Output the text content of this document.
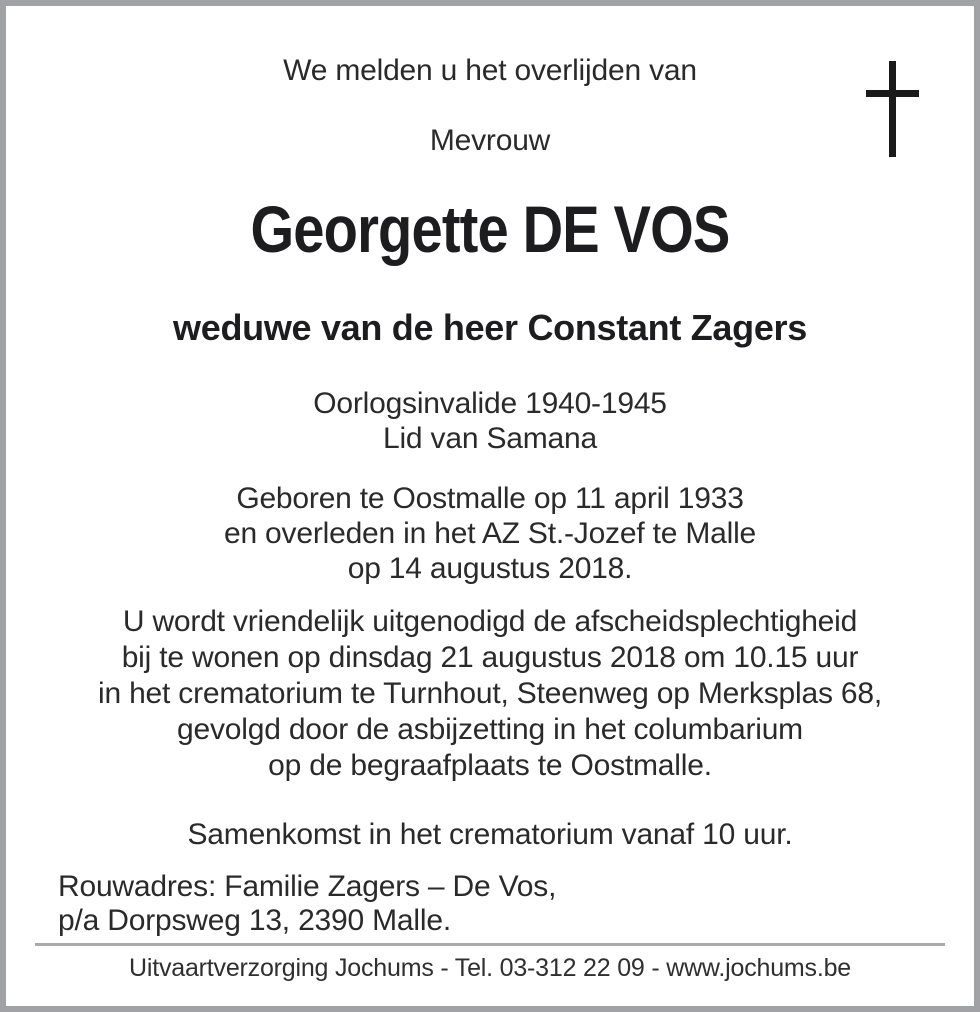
We melden u het overlijden van
Mevrouw
Georgette DE VOS
weduwe van de heer Constant Zagers
Oorlogsinvalide 1940-1945
Lid van Samana
Geboren te Oostmalle op 11 april 1933
en overleden in het AZ St.-Jozef te Malle
op 14 augustus 2018.
U wordt vriendelijk uitgenodigd de afscheidsplechtigheid
bij te wonen op dinsdag 21 augustus 2018 om 10.15 uur
in het crematorium te Turnhout, Steenweg op Merksplas 68,
gevolgd door de asbijzetting in het columbarium
op de begraafplaats te Oostmalle.
Samenkomst in het crematorium vanaf 10 uur.
Rouwadres: Familie Zagers – De Vos,
p/a Dorpsweg 13, 2390 Malle.
Uitvaartverzorging Jochums - Tel. 03-312 22 09 - www.jochums.be
